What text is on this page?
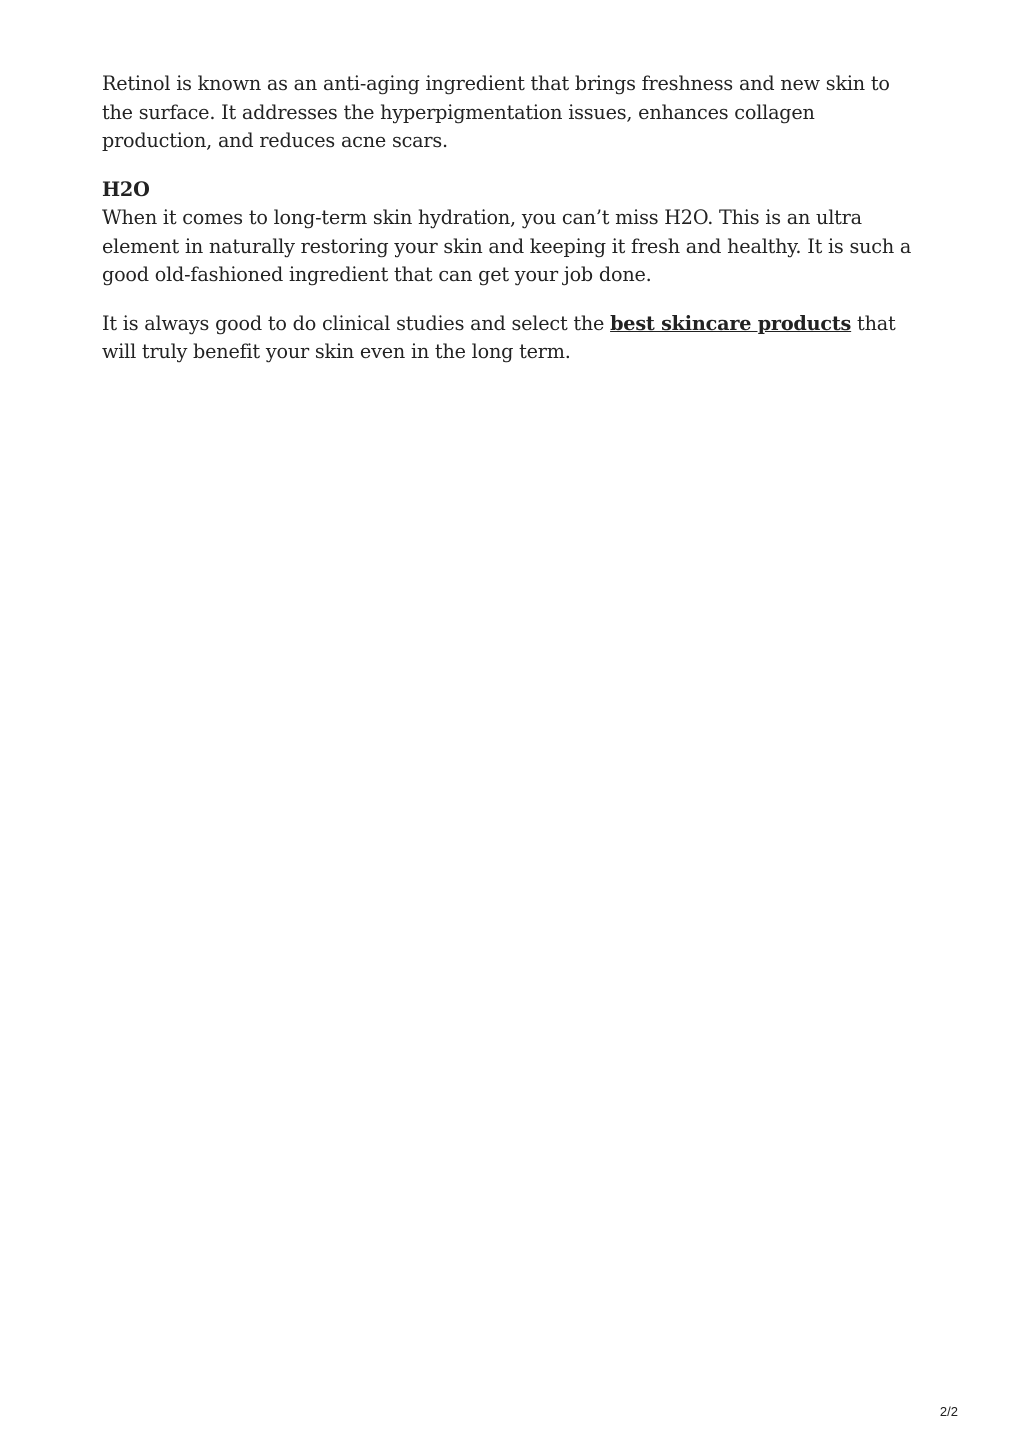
Retinol is known as an anti-aging ingredient that brings freshness and new skin to the surface. It addresses the hyperpigmentation issues, enhances collagen production, and reduces acne scars.

H2O

When it comes to long-term skin hydration, you can’t miss H2O. This is an ultra element in naturally restoring your skin and keeping it fresh and healthy. It is such a good old-fashioned ingredient that can get your job done.

It is always good to do clinical studies and select the best skincare products that will truly benefit your skin even in the long term.

2/2
